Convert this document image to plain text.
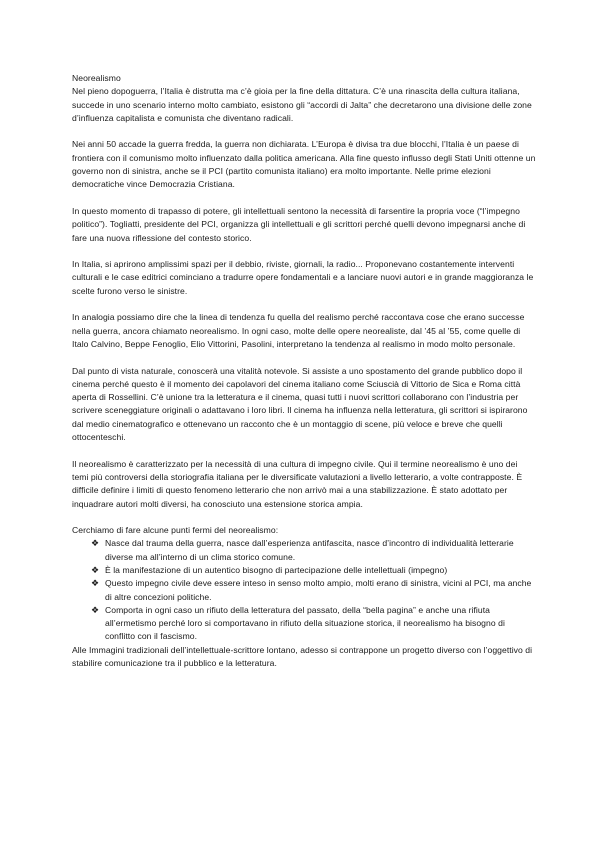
Neorealismo

Nel pieno dopoguerra, l’Italia è distrutta ma c’è gioia per la fine della dittatura. C’è una rinascita della cultura italiana, succede in uno scenario interno molto cambiato, esistono gli “accordi di Jalta” che decretarono una divisione delle zone d’influenza capitalista e comunista che diventano radicali.

Nei anni 50 accade la guerra fredda, la guerra non dichiarata. L’Europa è divisa tra due blocchi, l’Italia è un paese di frontiera con il comunismo molto influenzato dalla politica americana. Alla fine questo influsso degli Stati Uniti ottenne un governo non di sinistra, anche se il PCI (partito comunista italiano) era molto importante. Nelle prime elezioni democratiche vince Democrazia Cristiana.

In questo momento di trapasso di potere, gli intellettuali sentono la necessità di farsentire la propria voce (“l’impegno politico”). Togliatti, presidente del PCI, organizza gli intellettuali e gli scrittori perché quelli devono impegnarsi anche di fare una nuova riflessione del contesto storico.

In Italia, si aprirono amplissimi spazi per il debbio, riviste, giornali, la radio... Proponevano costantemente interventi culturali e le case editrici cominciano a tradurre opere fondamentali e a lanciare nuovi autori e in grande maggioranza le scelte furono verso le sinistre.

In analogia possiamo dire che la linea di tendenza fu quella del realismo perché raccontava cose che erano successe nella guerra, ancora chiamato neorealismo. In ogni caso, molte delle opere neorealiste, dal ’45 al ’55, come quelle di Italo Calvino, Beppe Fenoglio, Elio Vittorini, Pasolini, interpretano la tendenza al realismo in modo molto personale.

Dal punto di vista naturale, conoscerà una vitalità notevole. Si assiste a uno spostamento del grande pubblico dopo il cinema perché questo è il momento dei capolavori del cinema italiano come Sciuscià di Vittorio de Sica e Roma città aperta di Rossellini. C’è unione tra la letteratura e il cinema, quasi tutti i nuovi scrittori collaborano con l’industria per scrivere sceneggiature originali o adattavano i loro libri. Il cinema ha influenza nella letteratura, gli scrittori si ispirarono dal medio cinematografico e ottenevano un racconto che è un montaggio di scene, più veloce e breve che quelli ottocenteschi.

Il neorealismo è caratterizzato per la necessità di una cultura di impegno civile. Qui il termine neorealismo è uno dei temi più controversi della storiografia italiana per le diversificate valutazioni a livello letterario, a volte contrapposte. È difficile definire i limiti di questo fenomeno letterario che non arrivò mai a una stabilizzazione. È stato adottato per inquadrare autori molti diversi, ha conosciuto una estensione storica ampia.

Cerchiamo di fare alcune punti fermi del neorealismo:
❖ Nasce dal trauma della guerra, nasce dall’esperienza antifascita, nasce d’incontro di individualità letterarie diverse ma all’interno di un clima storico comune.
❖ È la manifestazione di un autentico bisogno di partecipazione delle intellettuali (impegno)
❖ Questo impegno civile deve essere inteso in senso molto ampio, molti erano di sinistra, vicini al PCI, ma anche di altre concezioni politiche.
❖ Comporta in ogni caso un rifiuto della letteratura del passato, della “bella pagina” e anche una rifiuta all’ermetismo perché loro si comportavano in rifiuto della situazione storica, il neorealismo ha bisogno di conflitto con il fascismo.

Alle Immagini tradizionali dell’intellettuale-scrittore lontano, adesso si contrappone un progetto diverso con l’oggettivo di stabilire comunicazione tra il pubblico e la letteratura.
